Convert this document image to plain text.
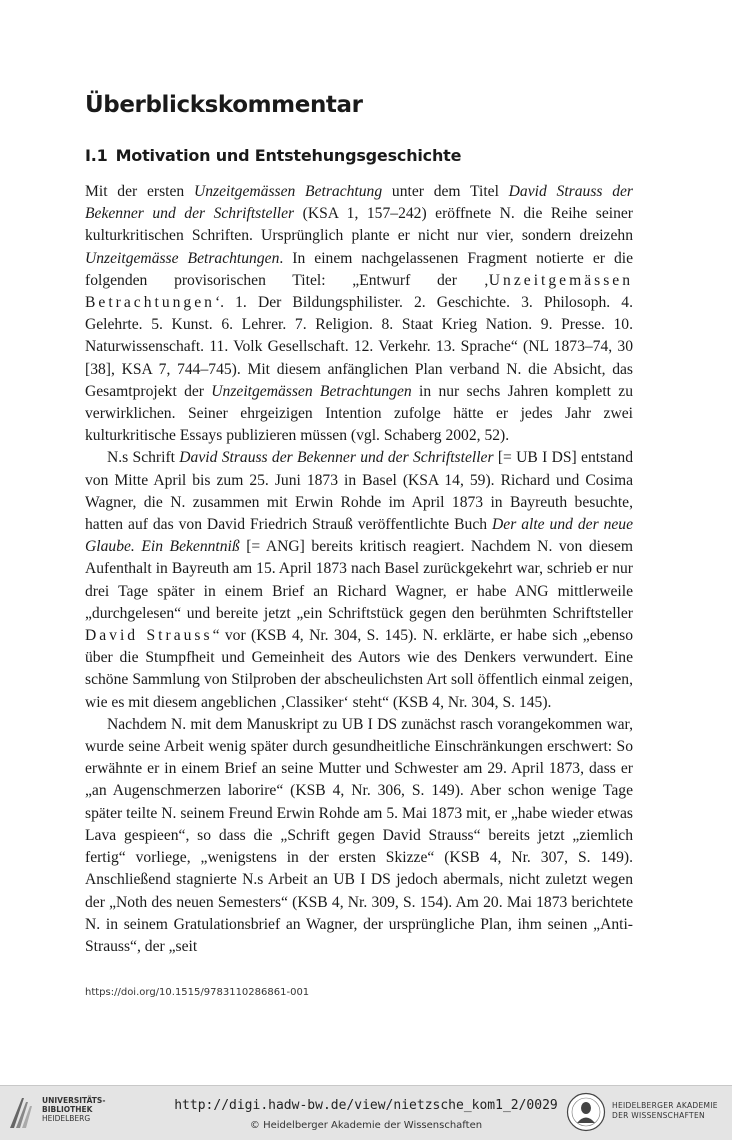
Überblickskommentar
I.1 Motivation und Entstehungsgeschichte

Mit der ersten Unzeitgemässen Betrachtung unter dem Titel David Strauss der Bekenner und der Schriftsteller (KSA 1, 157–242) eröffnete N. die Reihe seiner kulturkritischen Schriften. Ursprünglich plante er nicht nur vier, sondern dreizehn Unzeitgemässe Betrachtungen. In einem nachgelassenen Fragment notierte er die folgenden provisorischen Titel: „Entwurf der ‚Unzeitgemässen Betrachtungen‘. 1. Der Bildungsphilister. 2. Geschichte. 3. Philosoph. 4. Gelehrte. 5. Kunst. 6. Lehrer. 7. Religion. 8. Staat Krieg Nation. 9. Presse. 10. Naturwissenschaft. 11. Volk Gesellschaft. 12. Verkehr. 13. Sprache“ (NL 1873–74, 30 [38], KSA 7, 744–745). Mit diesem anfänglichen Plan verband N. die Absicht, das Gesamtprojekt der Unzeitgemässen Betrachtungen in nur sechs Jahren komplett zu verwirklichen. Seiner ehrgeizigen Intention zufolge hätte er jedes Jahr zwei kulturkritische Essays publizieren müssen (vgl. Schaberg 2002, 52).

N.s Schrift David Strauss der Bekenner und der Schriftsteller [= UB I DS] entstand von Mitte April bis zum 25. Juni 1873 in Basel (KSA 14, 59). Richard und Cosima Wagner, die N. zusammen mit Erwin Rohde im April 1873 in Bayreuth besuchte, hatten auf das von David Friedrich Strauß veröffentlichte Buch Der alte und der neue Glaube. Ein Bekenntniß [= ANG] bereits kritisch reagiert. Nachdem N. von diesem Aufenthalt in Bayreuth am 15. April 1873 nach Basel zurückgekehrt war, schrieb er nur drei Tage später in einem Brief an Richard Wagner, er habe ANG mittlerweile „durchgelesen“ und bereite jetzt „ein Schriftstück gegen den berühmten Schriftsteller David Strauss“ vor (KSB 4, Nr. 304, S. 145). N. erklärte, er habe sich „ebenso über die Stumpfheit und Gemeinheit des Autors wie des Denkers verwundert. Eine schöne Sammlung von Stilproben der abscheulichsten Art soll öffentlich einmal zeigen, wie es mit diesem angeblichen ‚Classiker‘ steht“ (KSB 4, Nr. 304, S. 145).

Nachdem N. mit dem Manuskript zu UB I DS zunächst rasch vorangekommen war, wurde seine Arbeit wenig später durch gesundheitliche Einschränkungen erschwert: So erwähnte er in einem Brief an seine Mutter und Schwester am 29. April 1873, dass er „an Augenschmerzen laborire“ (KSB 4, Nr. 306, S. 149). Aber schon wenige Tage später teilte N. seinem Freund Erwin Rohde am 5. Mai 1873 mit, er „habe wieder etwas Lava gespieen“, so dass die „Schrift gegen David Strauss“ bereits jetzt „ziemlich fertig“ vorliege, „wenigstens in der ersten Skizze“ (KSB 4, Nr. 307, S. 149). Anschließend stagnierte N.s Arbeit an UB I DS jedoch abermals, nicht zuletzt wegen der „Noth des neuen Semesters“ (KSB 4, Nr. 309, S. 154). Am 20. Mai 1873 berichtete N. in seinem Gratulationsbrief an Wagner, der ursprüngliche Plan, ihm seinen „Anti-Strauss“, der „seit

https://doi.org/10.1515/9783110286861-001
UNIVERSITÄTS-
BIBLIOTHEK
HEIDELBERG
http://digi.hadw-bw.de/view/nietzsche_kom1_2/0029
© Heidelberger Akademie der Wissenschaften
HEIDELBERGER AKADEMIE
DER WISSENSCHAFTEN
